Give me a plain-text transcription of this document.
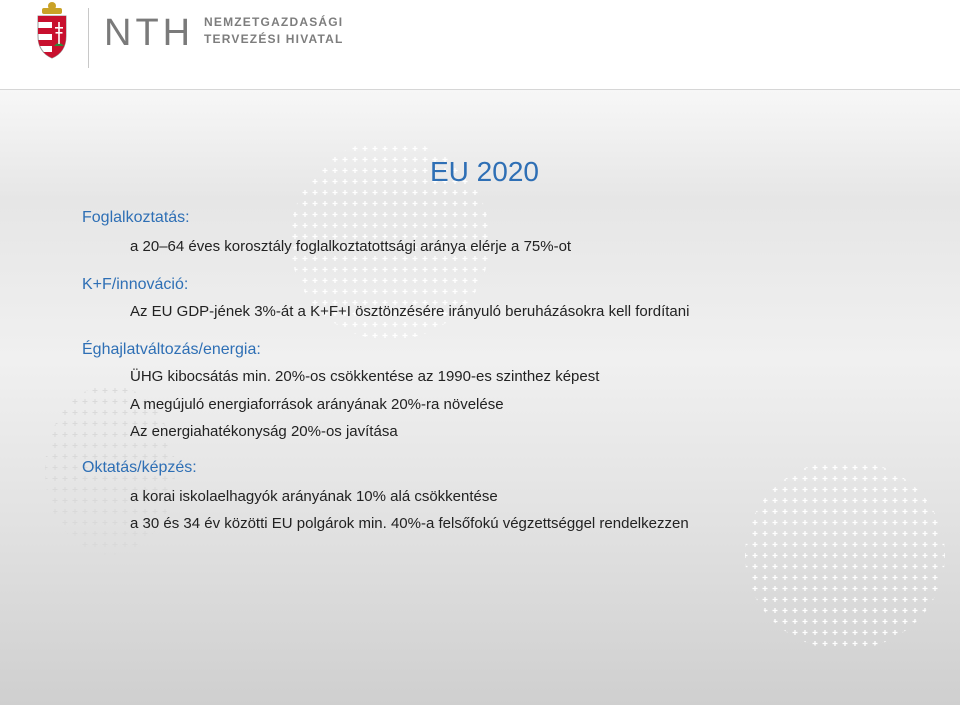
NTH NEMZETGAZDASÁGI
TERVEZÉSI HIVATAL
EU 2020
Foglalkoztatás:
a 20–64 éves korosztály foglalkoztatottsági aránya elérje a 75%-ot
K+F/innováció:
Az EU GDP-jének 3%-át a K+F+I ösztönzésére irányuló beruházásokra kell fordítani
Éghajlatváltozás/energia:
ÜHG kibocsátás min. 20%-os csökkentése az 1990-es szinthez képest
A megújuló energiaforrások arányának 20%-ra növelése
Az energiahatékonyság 20%-os javítása
Oktatás/képzés:
a korai iskolaelhagyók arányának 10% alá csökkentése
a 30 és 34 év közötti EU polgárok min. 40%-a felsőfokú végzettséggel rendelkezzen
